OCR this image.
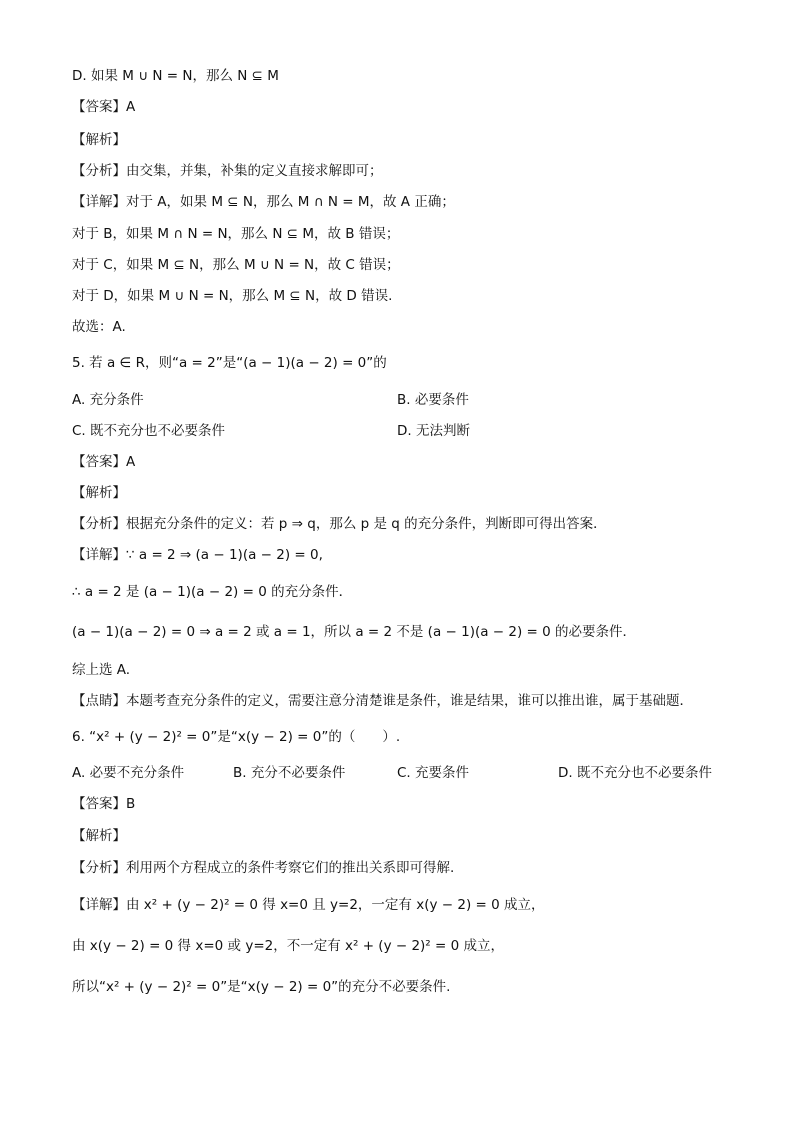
D. 如果 M ∪ N = N，那么 N ⊆ M
【答案】A
【解析】
【分析】由交集，并集，补集的定义直接求解即可；
【详解】对于 A，如果 M ⊆ N，那么 M ∩ N = M，故 A 正确；
对于 B，如果 M ∩ N = N，那么 N ⊆ M，故 B 错误；
对于 C，如果 M ⊆ N，那么 M ∪ N = N，故 C 错误；
对于 D，如果 M ∪ N = N，那么 M ⊆ N，故 D 错误.
故选：A.
5. 若 a ∈ R，则“a = 2”是“(a − 1)(a − 2) = 0”的
A. 充分条件	B. 必要条件
C. 既不充分也不必要条件	D. 无法判断
【答案】A
【解析】
【分析】根据充分条件的定义：若 p ⇒ q，那么 p 是 q 的充分条件，判断即可得出答案．
【详解】∵ a = 2 ⇒ (a − 1)(a − 2) = 0,
∴ a = 2 是 (a − 1)(a − 2) = 0 的充分条件．
(a − 1)(a − 2) = 0 ⇒ a = 2 或 a = 1，所以 a = 2 不是 (a − 1)(a − 2) = 0 的必要条件．
综上选 A.
【点睛】本题考查充分条件的定义，需要注意分清楚谁是条件，谁是结果，谁可以推出谁，属于基础题．
6. “x² + (y − 2)² = 0”是“x(y − 2) = 0”的（　　）.
A. 必要不充分条件	B. 充分不必要条件	C. 充要条件	D. 既不充分也不必要条件
【答案】B
【解析】
【分析】利用两个方程成立的条件考察它们的推出关系即可得解.
【详解】由 x² + (y − 2)² = 0 得 x=0 且 y=2，一定有 x(y − 2) = 0 成立，
由 x(y − 2) = 0 得 x=0 或 y=2，不一定有 x² + (y − 2)² = 0 成立，
所以“x² + (y − 2)² = 0”是“x(y − 2) = 0”的充分不必要条件.
